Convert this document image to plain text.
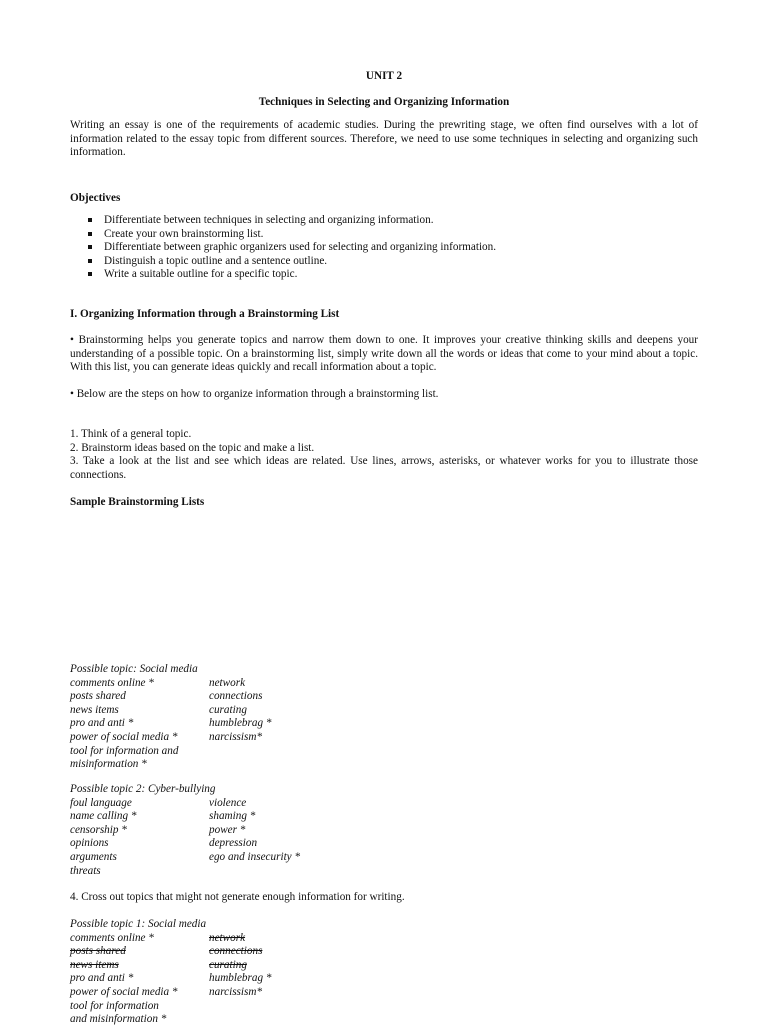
UNIT 2
Techniques in Selecting and Organizing Information
Writing an essay is one of the requirements of academic studies. During the prewriting stage, we often find ourselves with a lot of information related to the essay topic from different sources. Therefore, we need to use some techniques in selecting and organizing such information.
Objectives
Differentiate between techniques in selecting and organizing information.
Create your own brainstorming list.
Differentiate between graphic organizers used for selecting and organizing information.
Distinguish a topic outline and a sentence outline.
Write a suitable outline for a specific topic.
I. Organizing Information through a Brainstorming List
• Brainstorming helps you generate topics and narrow them down to one. It improves your creative thinking skills and deepens your understanding of a possible topic. On a brainstorming list, simply write down all the words or ideas that come to your mind about a topic. With this list, you can generate ideas quickly and recall information about a topic.
• Below are the steps on how to organize information through a brainstorming list.
1. Think of a general topic.
2. Brainstorm ideas based on the topic and make a list.
3. Take a look at the list and see which ideas are related. Use lines, arrows, asterisks, or whatever works for you to illustrate those connections.
Sample Brainstorming Lists
Possible topic: Social media
comments online *
posts shared
news items
pro and anti *
power of social media *
tool for information and
misinformation *
network
connections
curating
humblebrag *
narcissism*
Possible topic 2: Cyber-bullying
foul language
name calling *
censorship *
opinions
arguments
threats
violence
shaming *
power *
depression
ego and insecurity *
4. Cross out topics that might not generate enough information for writing.
Possible topic 1: Social media
comments online *
posts shared
news items
pro and anti *
power of social media *
tool for information
and misinformation *
network
connections
curating
humblebrag *
narcissism*
